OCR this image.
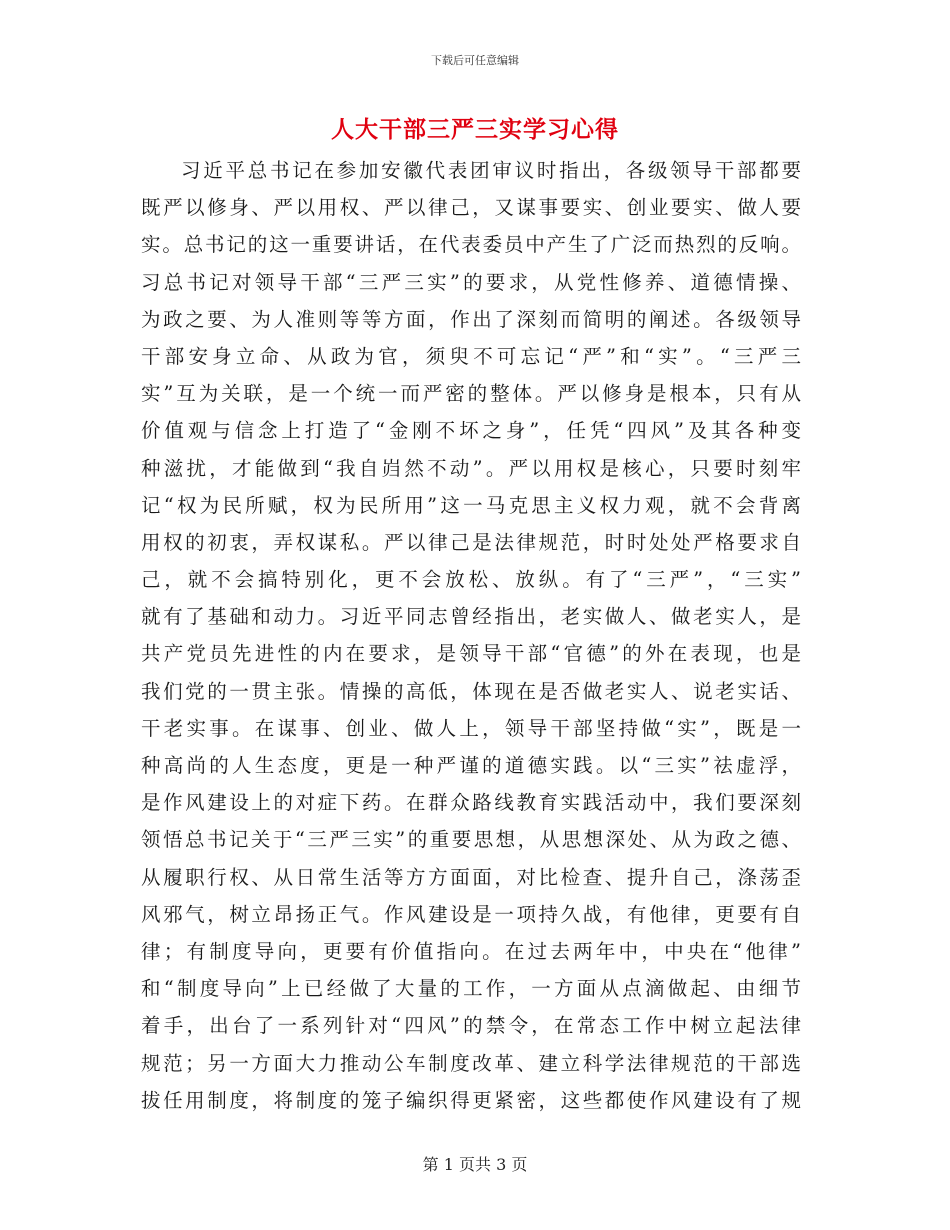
下载后可任意编辑
人大干部三严三实学习心得
习近平总书记在参加安徽代表团审议时指出，各级领导干部都要
既严以修身、严以用权、严以律己，又谋事要实、创业要实、做人要
实。总书记的这一重要讲话，在代表委员中产生了广泛而热烈的反响。
习总书记对领导干部“三严三实”的要求，从党性修养、道德情操、
为政之要、为人准则等等方面，作出了深刻而简明的阐述。各级领导
干部安身立命、从政为官，须臾不可忘记“严”和“实”。“三严三
实”互为关联，是一个统一而严密的整体。严以修身是根本，只有从
价值观与信念上打造了“金刚不坏之身”，任凭“四风”及其各种变
种滋扰，才能做到“我自岿然不动”。严以用权是核心，只要时刻牢
记“权为民所赋，权为民所用”这一马克思主义权力观，就不会背离
用权的初衷，弄权谋私。严以律己是法律规范，时时处处严格要求自
己，就不会搞特别化，更不会放松、放纵。有了“三严”，“三实”
就有了基础和动力。习近平同志曾经指出，老实做人、做老实人，是
共产党员先进性的内在要求，是领导干部“官德”的外在表现，也是
我们党的一贯主张。情操的高低，体现在是否做老实人、说老实话、
干老实事。在谋事、创业、做人上，领导干部坚持做“实”，既是一
种高尚的人生态度，更是一种严谨的道德实践。以“三实”祛虚浮，
是作风建设上的对症下药。在群众路线教育实践活动中，我们要深刻
领悟总书记关于“三严三实”的重要思想，从思想深处、从为政之德、
从履职行权、从日常生活等方方面面，对比检查、提升自己，涤荡歪
风邪气，树立昂扬正气。作风建设是一项持久战，有他律，更要有自
律；有制度导向，更要有价值指向。在过去两年中，中央在“他律”
和“制度导向”上已经做了大量的工作，一方面从点滴做起、由细节
着手，出台了一系列针对“四风”的禁令，在常态工作中树立起法律
规范；另一方面大力推动公车制度改革、建立科学法律规范的干部选
拔任用制度，将制度的笼子编织得更紧密，这些都使作风建设有了规
第 1 页共 3 页
